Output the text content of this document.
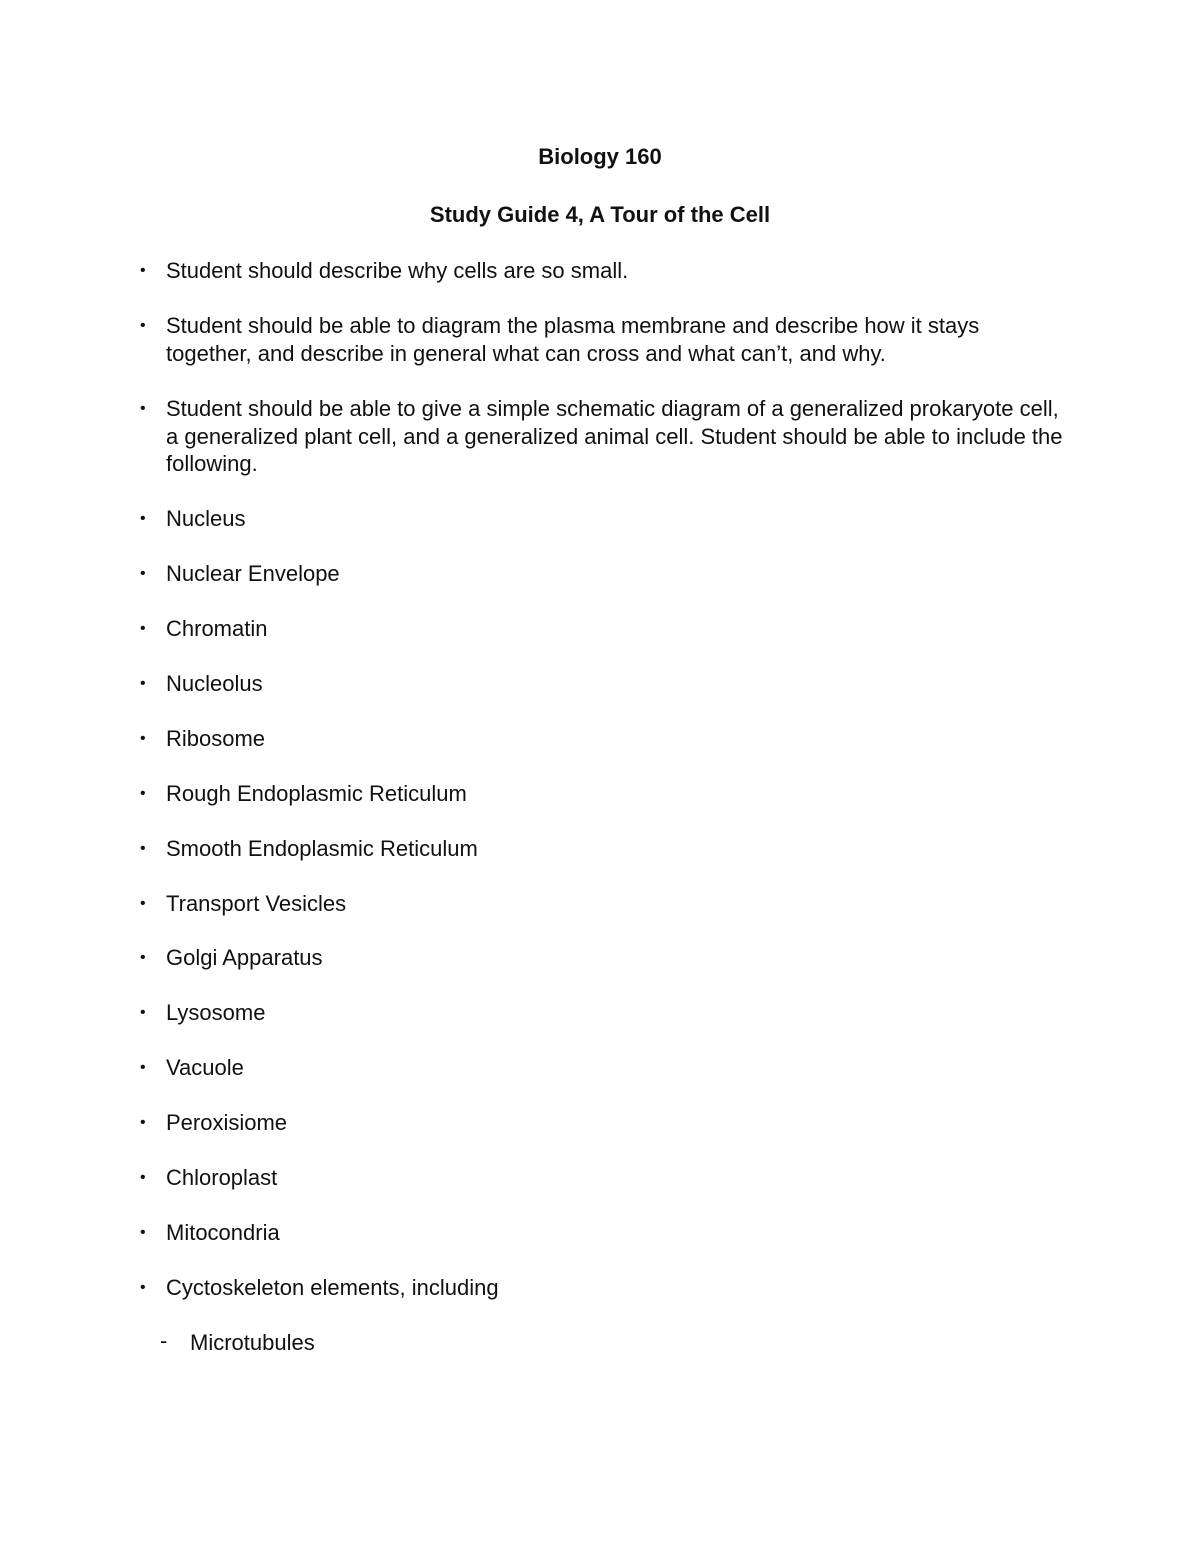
Biology 160
Study Guide 4, A Tour of the Cell
• Student should describe why cells are so small.
• Student should be able to diagram the plasma membrane and describe how it stays together, and describe in general what can cross and what can’t, and why.
• Student should be able to give a simple schematic diagram of a generalized prokaryote cell, a generalized plant cell, and a generalized animal cell. Student should be able to include the following.
• Nucleus
• Nuclear Envelope
• Chromatin
• Nucleolus
• Ribosome
• Rough Endoplasmic Reticulum
• Smooth Endoplasmic Reticulum
• Transport Vesicles
• Golgi Apparatus
• Lysosome
• Vacuole
• Peroxisiome
• Chloroplast
• Mitocondria
• Cyctoskeleton elements, including
-	Microtubules
